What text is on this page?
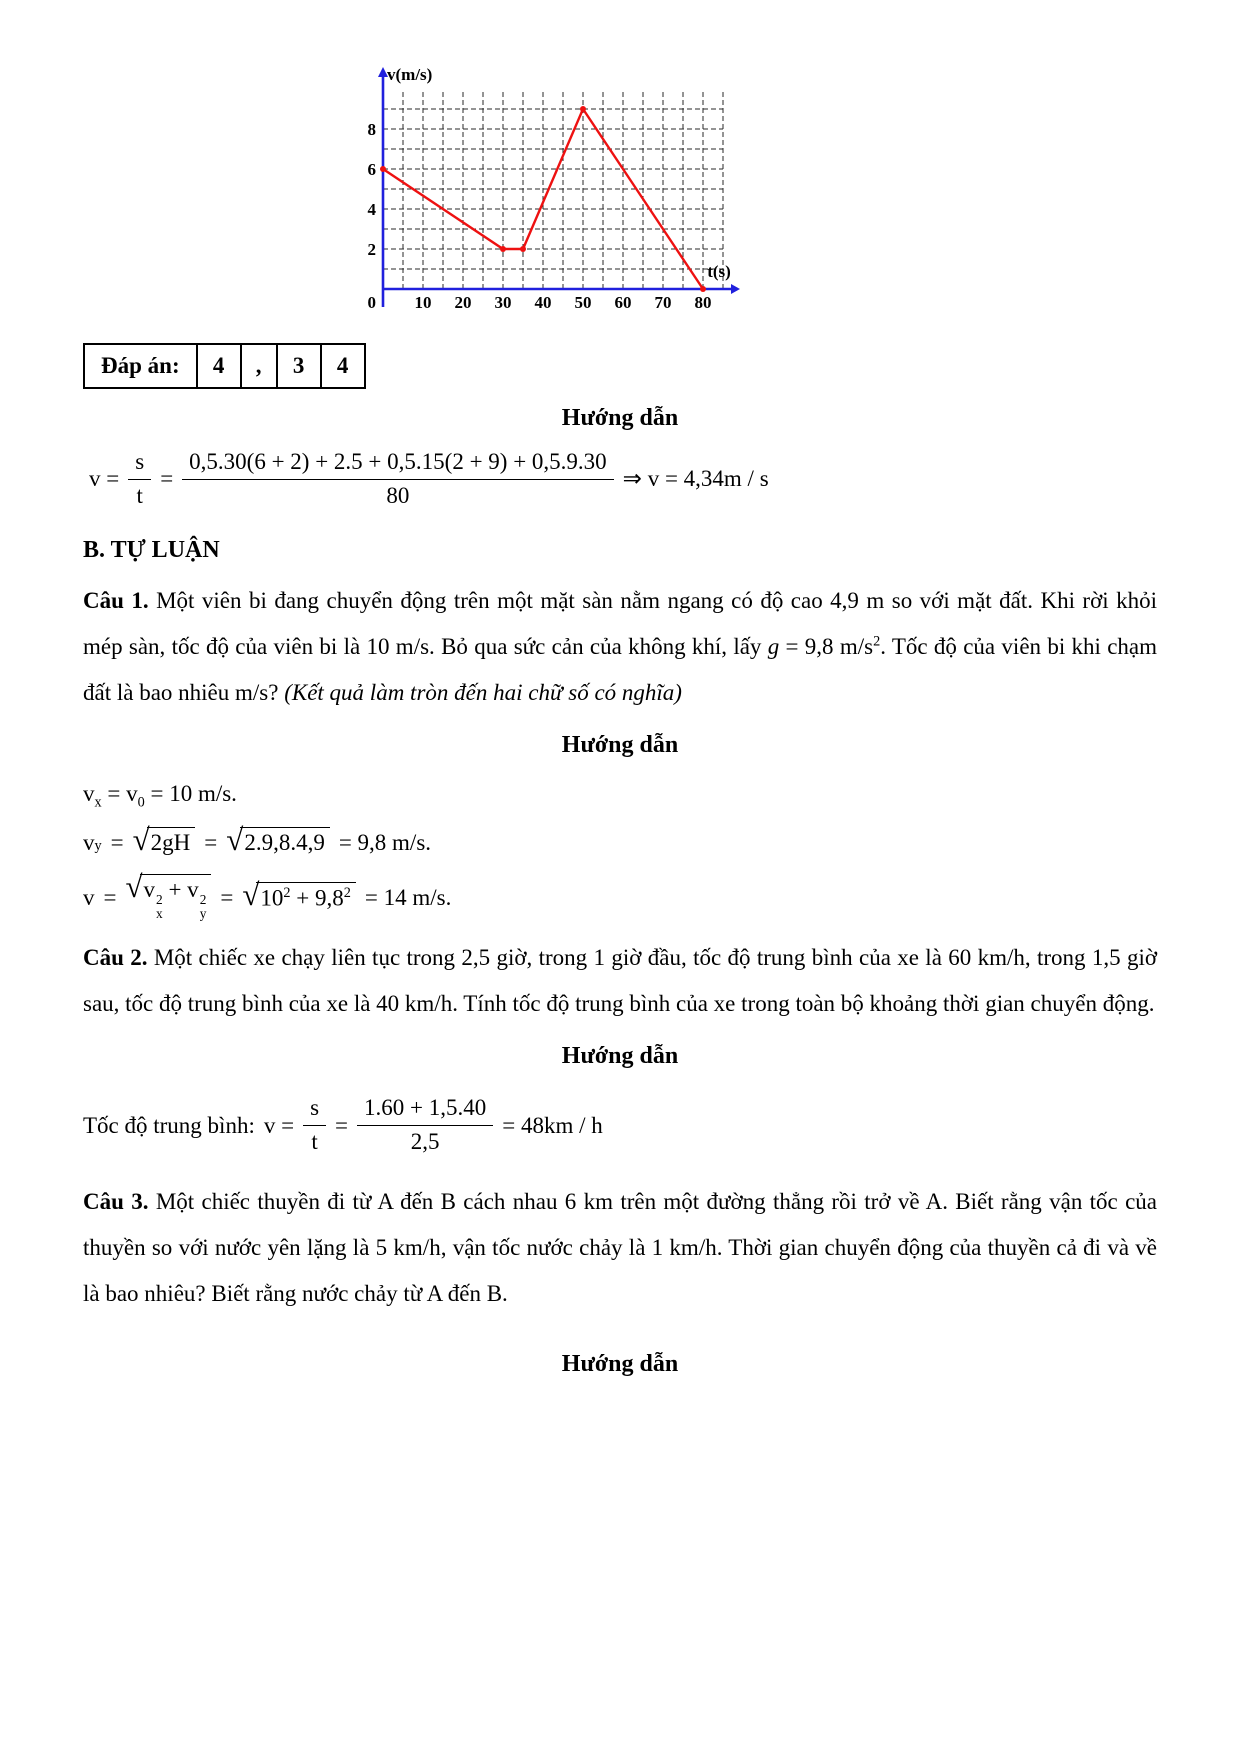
10 20 30 40 50 60 70 80
2
4
6
8
0
v(m/s)
t(s)
Đáp án:	4	,	3	4
Hướng dẫn
$v = \frac{s}{t} = \frac{0,5.30(6 + 2) + 2.5 + 0,5.15(2 + 9) + 0,5.9.30}{80}$ ⇒ v = 4,34m / s
B. TỰ LUẬN

Câu 1. Một viên bi đang chuyển động trên một mặt sàn nằm ngang có độ cao 4,9 m so với mặt đất. Khi rời khỏi mép sàn, tốc độ của viên bi là 10 m/s. Bỏ qua sức cản của không khí, lấy g = 9,8 $m/s^2$. Tốc độ của viên bi khi chạm đất là bao nhiêu m/s? (Kết quả làm tròn đến hai chữ số có nghĩa)

Hướng dẫn
$v_x = v_0 = 10$ m/s.
v y = √ 2gH = √ 2.9,8.4,9 = 9,8 m/s.
v = √ v 2
x
+ v 2
y
= √ $10^2 + 9,8^2 = 14$ m/s.

Câu 2. Một chiếc xe chạy liên tục trong 2,5 giờ, trong 1 giờ đầu, tốc độ trung bình của xe là 60 km/h, trong 1,5 giờ sau, tốc độ trung bình của xe là 40 km/h. Tính tốc độ trung bình của xe trong toàn bộ khoảng thời gian chuyển động.

Hướng dẫn
Tốc độ trung bình: $v = \frac{s}{t} = \frac{1.60 + 1,5.40}{2,5} = 48km / h$

Câu 3. Một chiếc thuyền đi từ A đến B cách nhau 6 km trên một đường thẳng rồi trở về A. Biết rằng vận tốc của thuyền so với nước yên lặng là 5 km/h, vận tốc nước chảy là 1 km/h. Thời gian chuyển động của thuyền cả đi và về là bao nhiêu? Biết rằng nước chảy từ A đến B.

Hướng dẫn
